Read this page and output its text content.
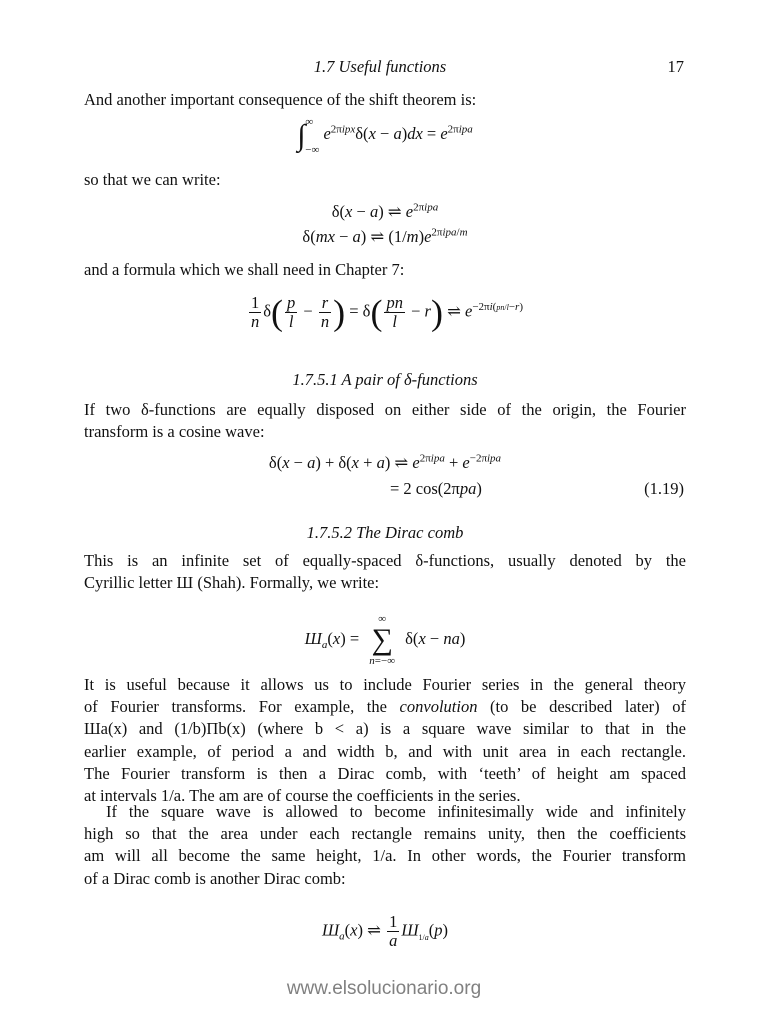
1.7 Useful functions	17
And another important consequence of the shift theorem is:
$\int^\infty_{-\infty}$ $e^{2\pi ipx}\delta(x - a)dx = e^{2\pi ipa}$
so that we can write:
δ(x − a) ⇌ $e^{2\pi ipa}$
δ(mx − a) ⇌ $(1/m)e^{2\pi ipa/m}$
and a formula which we shall need in Chapter 7:
$\frac{1}{n} \delta( \frac{p}{l} - \frac{r}{n}$ ) = $\delta( \frac{pn}{l} - r)$ ⇌ $e^{-2\pi i(pn/l-r)}$
1.7.5.1 A pair of δ-functions
If two δ-functions are equally disposed on either side of the origin, the Fourier
transform is a cosine wave:
δ(x − a) + δ(x + a) ⇌ $e^{2\pi ipa} + e^{-2\pi ipa}$
= 2 cos(2πpa)	(1.19)
1.7.5.2 The Dirac comb
This is an infinite set of equally-spaced δ-functions, usually denoted by the
Cyrillic letter Ш (Shah). Formally, we write:
$Ш_a(x)$ =
∞
∑
n=−∞
δ(x − na)
It is useful because it allows us to include Fourier series in the general theory
of Fourier transforms. For example, the convolution (to be described later) of
Шa(x) and (1/b)Πb(x) (where b < a) is a square wave similar to that in the
earlier example, of period a and width b, and with unit area in each rectangle.
The Fourier transform is then a Dirac comb, with ‘teeth’ of height am spaced
at intervals 1/a. The am are of course the coefficients in the series.
If the square wave is allowed to become infinitesimally wide and infinitely
high so that the area under each rectangle remains unity, then the coefficients
am will all become the same height, 1/a. In other words, the Fourier transform
of a Dirac comb is another Dirac comb:
$Ш_a(x)$ ⇌ $\frac{1}{a} Ш_{1/a}(p)$
www.elsolucionario.org
